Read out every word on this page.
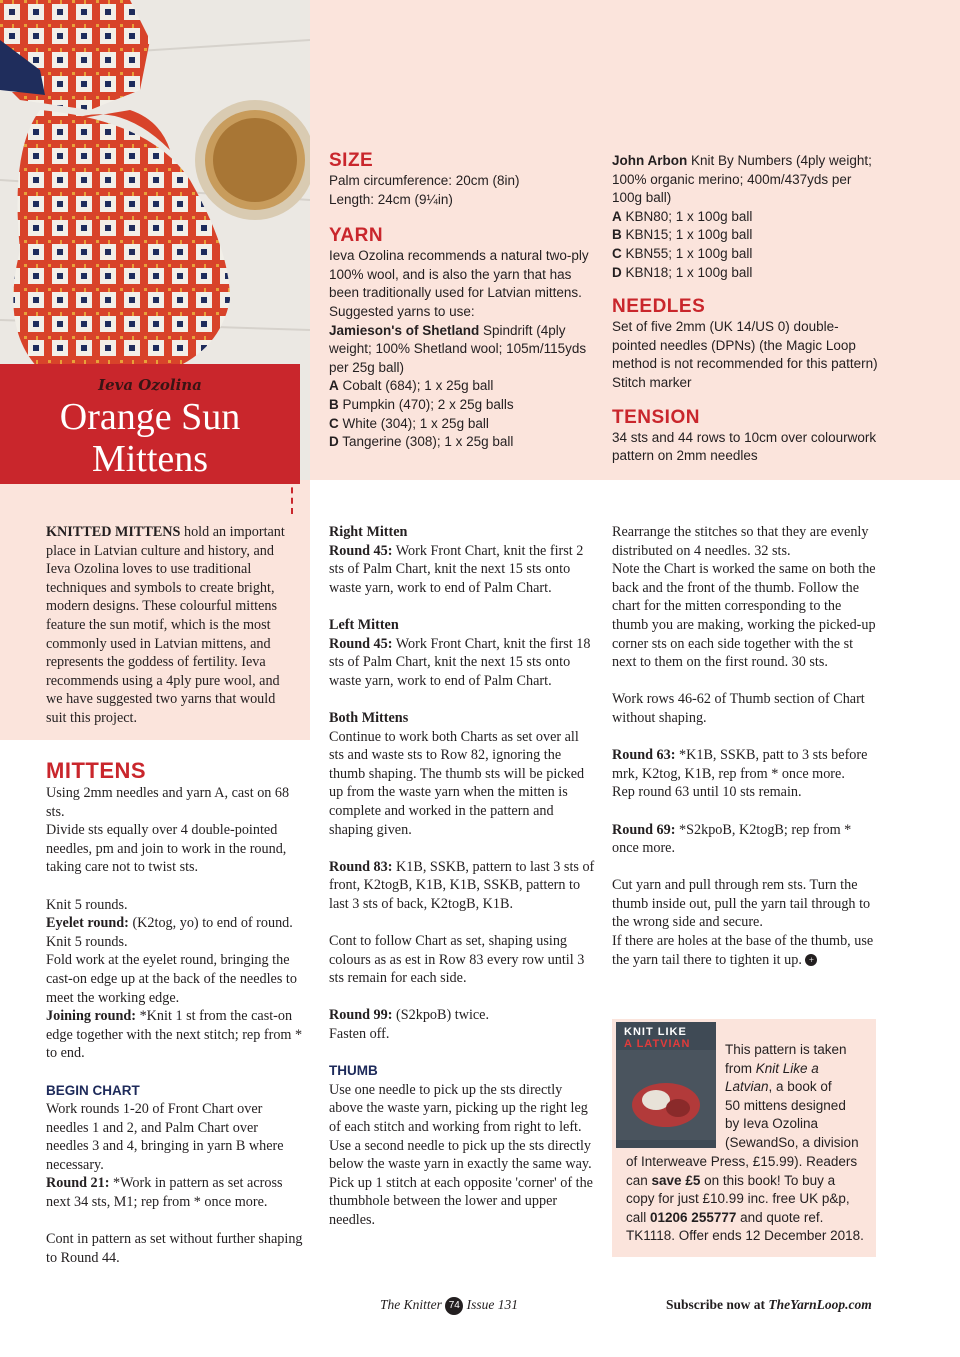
Ieva Ozolina
Orange Sun
Mittens
SIZE

Palm circumference: 20cm (8in)

Length: 24cm (9¼in)

YARN

Ieva Ozolina recommends a natural two-ply 100% wool, and is also the yarn that has been traditionally used for Latvian mittens. Suggested yarns to use:

Jamieson's of Shetland Spindrift (4ply weight; 100% Shetland wool; 105m/115yds per 25g ball)

A Cobalt (684); 1 x 25g ball

B Pumpkin (470); 2 x 25g balls

C White (304); 1 x 25g ball

D Tangerine (308); 1 x 25g ball

John Arbon Knit By Numbers (4ply weight; 100% organic merino; 400m/437yds per 100g ball)

A KBN80; 1 x 100g ball

B KBN15; 1 x 100g ball

C KBN55; 1 x 100g ball

D KBN18; 1 x 100g ball

NEEDLES

Set of five 2mm (UK 14/US 0) double-pointed needles (DPNs) (the Magic Loop method is not recommended for this pattern)

Stitch marker

TENSION

34 sts and 44 rows to 10cm over colourwork pattern on 2mm needles

KNITTED MITTENS hold an important place in Latvian culture and history, and Ieva Ozolina loves to use traditional techniques and symbols to create bright, modern designs. These colourful mittens feature the sun motif, which is the most commonly used in Latvian mittens, and represents the goddess of fertility. Ieva recommends using a 4ply pure wool, and we have suggested two yarns that would suit this project.

MITTENS

Using 2mm needles and yarn A, cast on 68 sts.

Divide sts equally over 4 double-pointed needles, pm and join to work in the round, taking care not to twist sts.

Knit 5 rounds.

Eyelet round: (K2tog, yo) to end of round.

Knit 5 rounds.

Fold work at the eyelet round, bringing the cast-on edge up at the back of the needles to meet the working edge.

Joining round: *Knit 1 st from the cast-on edge together with the next stitch; rep from * to end.

BEGIN CHART

Work rounds 1-20 of Front Chart over needles 1 and 2, and Palm Chart over needles 3 and 4, bringing in yarn B where necessary.

Round 21: *Work in pattern as set across next 34 sts, M1; rep from * once more.

Cont in pattern as set without further shaping to Round 44.

Right Mitten

Round 45: Work Front Chart, knit the first 2 sts of Palm Chart, knit the next 15 sts onto waste yarn, work to end of Palm Chart.

Left Mitten

Round 45: Work Front Chart, knit the first 18 sts of Palm Chart, knit the next 15 sts onto waste yarn, work to end of Palm Chart.

Both Mittens

Continue to work both Charts as set over all sts and waste sts to Row 82, ignoring the thumb shaping. The thumb sts will be picked up from the waste yarn when the mitten is complete and worked in the pattern and shaping given.

Round 83: K1B, SSKB, pattern to last 3 sts of front, K2togB, K1B, K1B, SSKB, pattern to last 3 sts of back, K2togB, K1B.

Cont to follow Chart as set, shaping using colours as as est in Row 83 every row until 3 sts remain for each side.

Round 99: (S2kpoB) twice.

Fasten off.

THUMB

Use one needle to pick up the sts directly above the waste yarn, picking up the right leg of each stitch and working from right to left. Use a second needle to pick up the sts directly below the waste yarn in exactly the same way. Pick up 1 stitch at each opposite 'corner' of the thumbhole between the lower and upper needles.

Rearrange the stitches so that they are evenly distributed on 4 needles. 32 sts.

Note the Chart is worked the same on both the back and the front of the thumb. Follow the chart for the mitten corresponding to the thumb you are making, working the picked-up corner sts on each side together with the st next to them on the first round. 30 sts.

Work rows 46-62 of Thumb section of Chart without shaping.

Round 63: *K1B, SSKB, patt to 3 sts before mrk, K2tog, K1B, rep from * once more.

Rep round 63 until 10 sts remain.

Round 69: *S2kpoB, K2togB; rep from * once more.

Cut yarn and pull through rem sts. Turn the thumb inside out, pull the yarn tail through to the wrong side and secure.

If there are holes at the base of the thumb, use the yarn tail there to tighten it up. +

KNIT LIKE
A LATVIAN	This pattern is taken

from Knit Like a

Latvian, a book of

50 mittens designed

by Ieva Ozolina

(SewandSo, a division

of Interweave Press, £15.99). Readers

can save £5 on this book! To buy a

copy for just £10.99 inc. free UK p&p,

call 01206 255777 and quote ref.

TK1118. Offer ends 12 December 2018.

The Knitter 74 Issue 131	Subscribe now at TheYarnLoop.com
